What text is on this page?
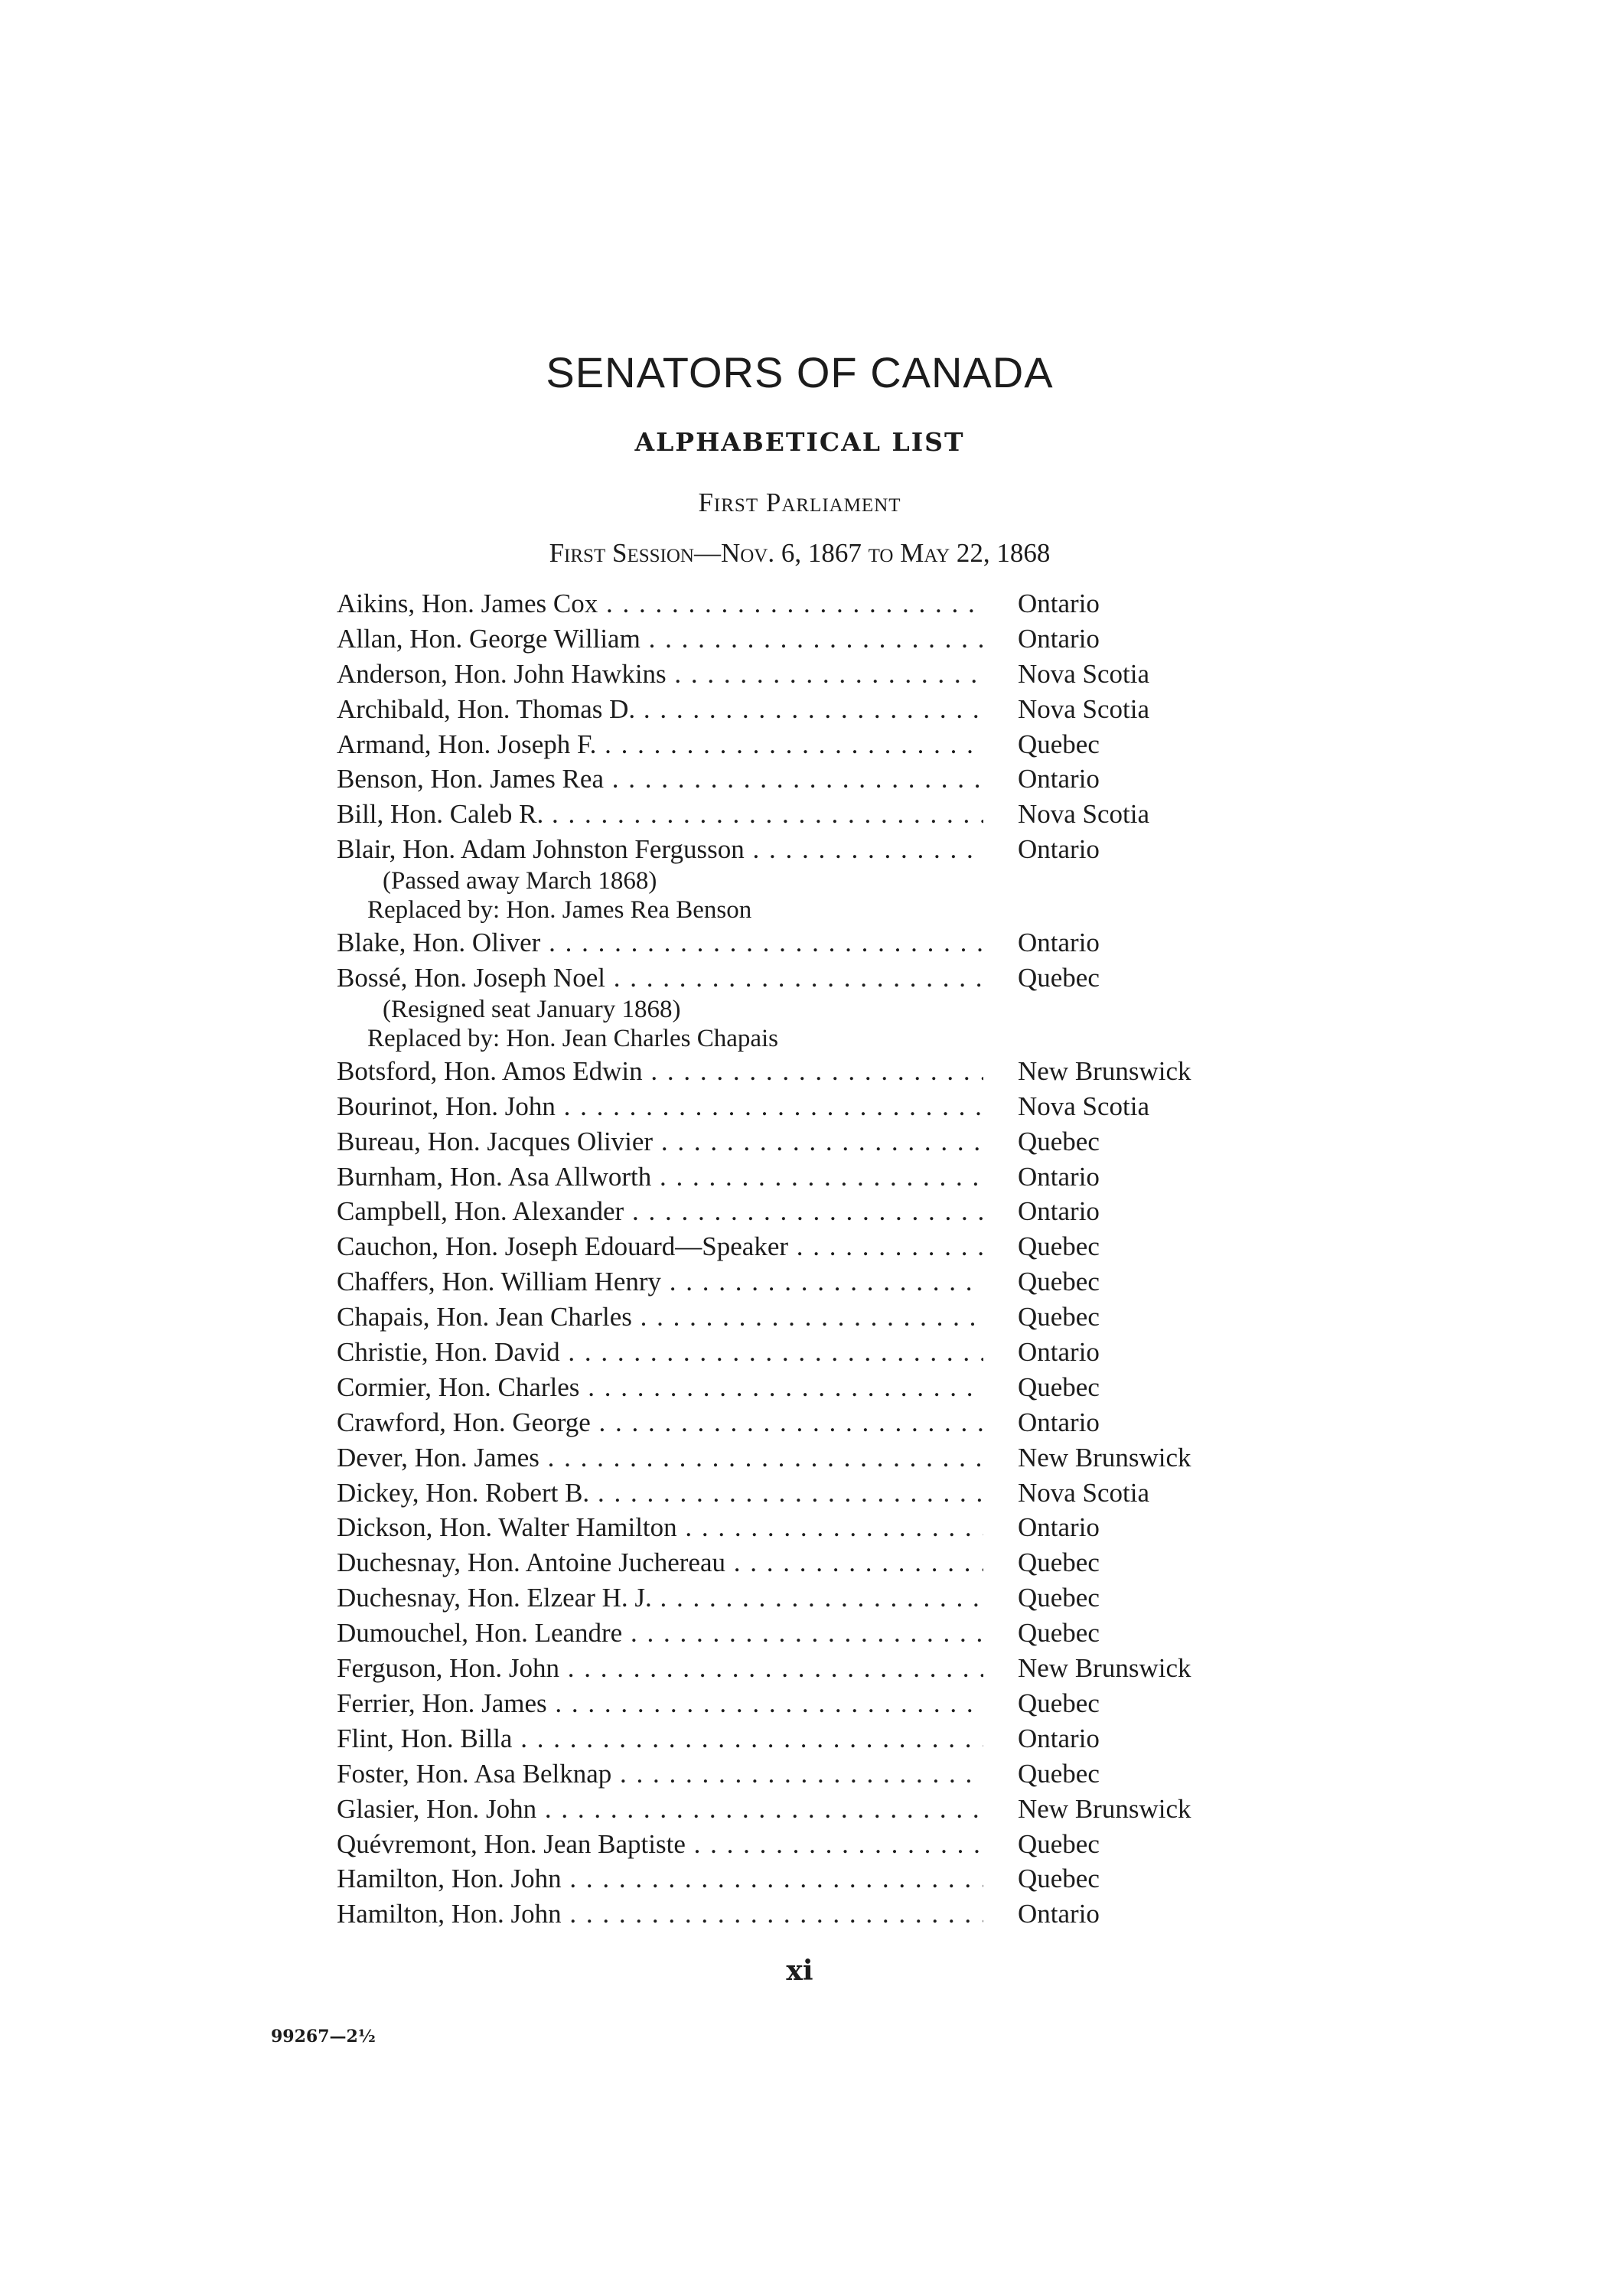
SENATORS OF CANADA
ALPHABETICAL LIST
First Parliament
First Session—Nov. 6, 1867 to May 22, 1868
Aikins, Hon. James Cox . . .	Ontario
Allan, Hon. George William . . .	Ontario
Anderson, Hon. John Hawkins . . .	Nova Scotia
Archibald, Hon. Thomas D. . . .	Nova Scotia
Armand, Hon. Joseph F. . . .	Quebec
Benson, Hon. James Rea . . .	Ontario
Bill, Hon. Caleb R. . . .	Nova Scotia
Blair, Hon. Adam Johnston Fergusson . . .	Ontario
(Passed away March 1868)
Replaced by: Hon. James Rea Benson
Blake, Hon. Oliver . . .	Ontario
Bossé, Hon. Joseph Noel . . .	Quebec
(Resigned seat January 1868)
Replaced by: Hon. Jean Charles Chapais
Botsford, Hon. Amos Edwin . . .	New Brunswick
Bourinot, Hon. John . . .	Nova Scotia
Bureau, Hon. Jacques Olivier . . .	Quebec
Burnham, Hon. Asa Allworth . . .	Ontario
Campbell, Hon. Alexander . . .	Ontario
Cauchon, Hon. Joseph Edouard—Speaker . . .	Quebec
Chaffers, Hon. William Henry . . .	Quebec
Chapais, Hon. Jean Charles . . .	Quebec
Christie, Hon. David . . .	Ontario
Cormier, Hon. Charles . . .	Quebec
Crawford, Hon. George . . .	Ontario
Dever, Hon. James . . .	New Brunswick
Dickey, Hon. Robert B. . . .	Nova Scotia
Dickson, Hon. Walter Hamilton . . .	Ontario
Duchesnay, Hon. Antoine Juchereau . . .	Quebec
Duchesnay, Hon. Elzear H. J. . . .	Quebec
Dumouchel, Hon. Leandre . . .	Quebec
Ferguson, Hon. John . . .	New Brunswick
Ferrier, Hon. James . . .	Quebec
Flint, Hon. Billa . . .	Ontario
Foster, Hon. Asa Belknap . . .	Quebec
Glasier, Hon. John . . .	New Brunswick
Quévremont, Hon. Jean Baptiste . . .	Quebec
Hamilton, Hon. John . . .	Quebec
Hamilton, Hon. John . . .	Ontario
xi
99267—2½
